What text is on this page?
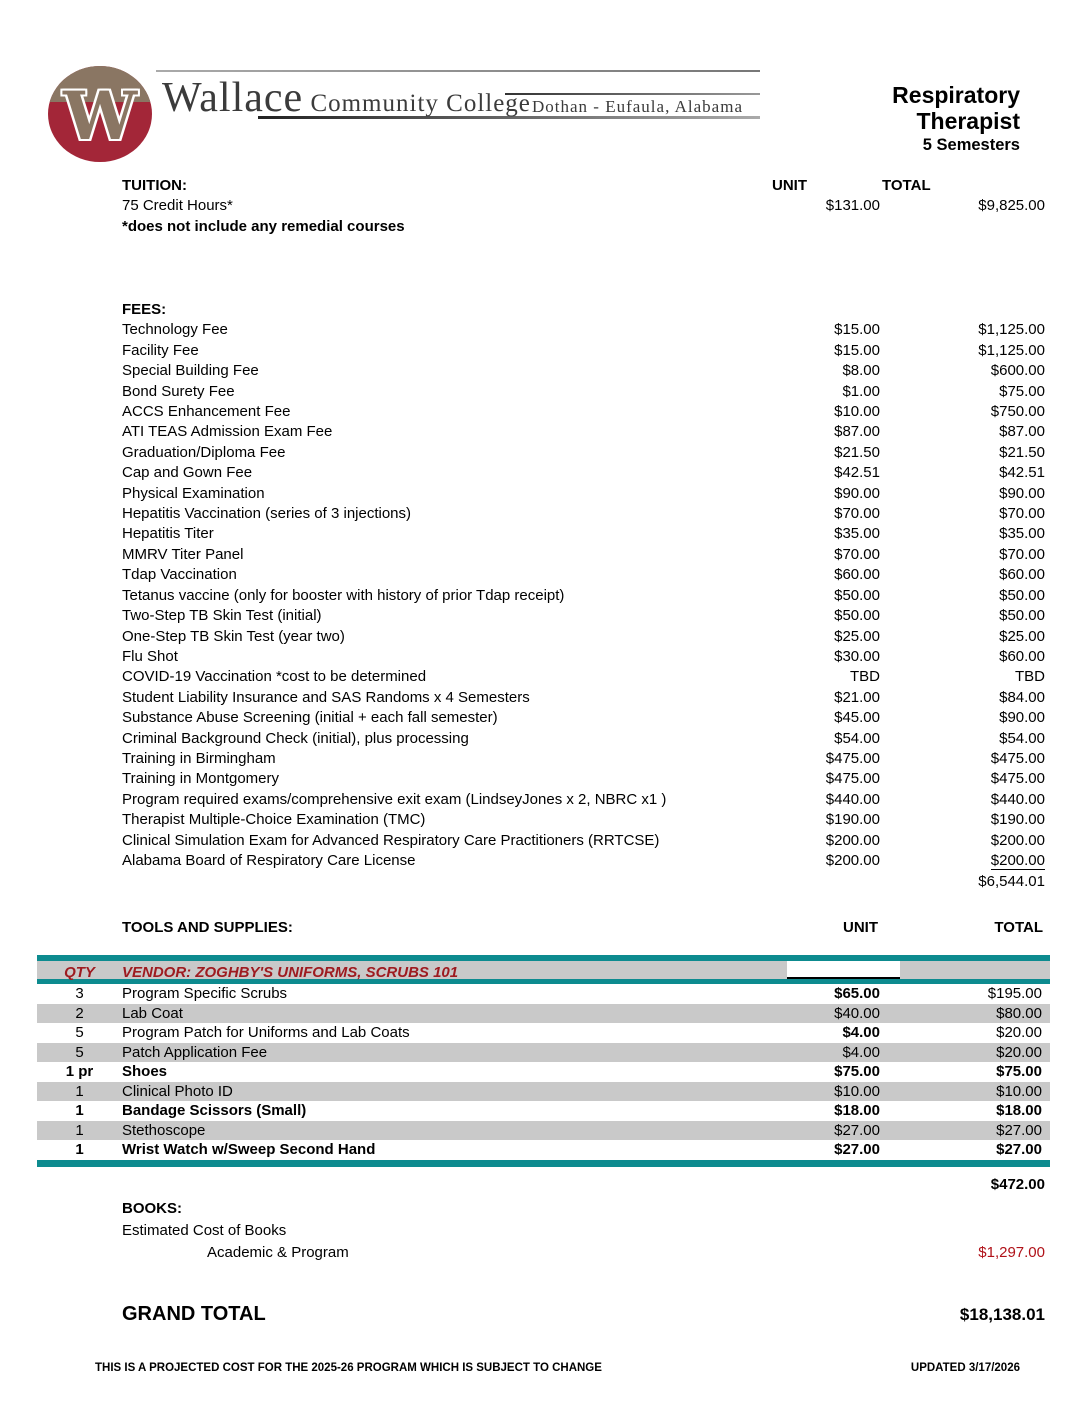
W Wallace Community College Dothan - Eufaula, Alabama	Respiratory
Therapist
5 Semesters
TUITION:	UNIT	TOTAL
75 Credit Hours*	$131.00	$9,825.00
*does not include any remedial courses
FEES:
Technology Fee	$15.00	$1,125.00
Facility Fee	$15.00	$1,125.00
Special Building Fee	$8.00	$600.00
Bond Surety Fee	$1.00	$75.00
ACCS Enhancement Fee	$10.00	$750.00
ATI TEAS Admission Exam Fee	$87.00	$87.00
Graduation/Diploma Fee	$21.50	$21.50
Cap and Gown Fee	$42.51	$42.51
Physical Examination	$90.00	$90.00
Hepatitis Vaccination (series of 3 injections)	$70.00	$70.00
Hepatitis Titer	$35.00	$35.00
MMRV Titer Panel	$70.00	$70.00
Tdap Vaccination	$60.00	$60.00
Tetanus vaccine (only for booster with history of prior Tdap receipt)	$50.00	$50.00
Two-Step TB Skin Test (initial)	$50.00	$50.00
One-Step TB Skin Test (year two)	$25.00	$25.00
Flu Shot	$30.00	$60.00
COVID-19 Vaccination *cost to be determined	TBD	TBD
Student Liability Insurance and SAS Randoms x 4 Semesters	$21.00	$84.00
Substance Abuse Screening (initial + each fall semester)	$45.00	$90.00
Criminal Background Check (initial), plus processing	$54.00	$54.00
Training in Birmingham	$475.00	$475.00
Training in Montgomery	$475.00	$475.00
Program required exams/comprehensive exit exam (LindseyJones x 2, NBRC x1 )	$440.00	$440.00
Therapist Multiple-Choice Examination (TMC)	$190.00	$190.00
Clinical Simulation Exam for Advanced Respiratory Care Practitioners (RRTCSE)	$200.00	$200.00
Alabama Board of Respiratory Care License	$200.00	$200.00
$6,544.01
TOOLS AND SUPPLIES:	UNIT	TOTAL
QTY	VENDOR: ZOGHBY'S UNIFORMS, SCRUBS 101
3	Program Specific Scrubs	$65.00	$195.00
2	Lab Coat	$40.00	$80.00
5	Program Patch for Uniforms and Lab Coats	$4.00	$20.00
5	Patch Application Fee	$4.00	$20.00
1 pr	Shoes	$75.00	$75.00
1	Clinical Photo ID	$10.00	$10.00
1	Bandage Scissors (Small)	$18.00	$18.00
1	Stethoscope	$27.00	$27.00
1	Wrist Watch w/Sweep Second Hand	$27.00	$27.00
$472.00
BOOKS:
Estimated Cost of Books
Academic & Program	$1,297.00
GRAND TOTAL	$18,138.01
THIS IS A PROJECTED COST FOR THE 2025-26 PROGRAM WHICH IS SUBJECT TO CHANGE	UPDATED 3/17/2026
